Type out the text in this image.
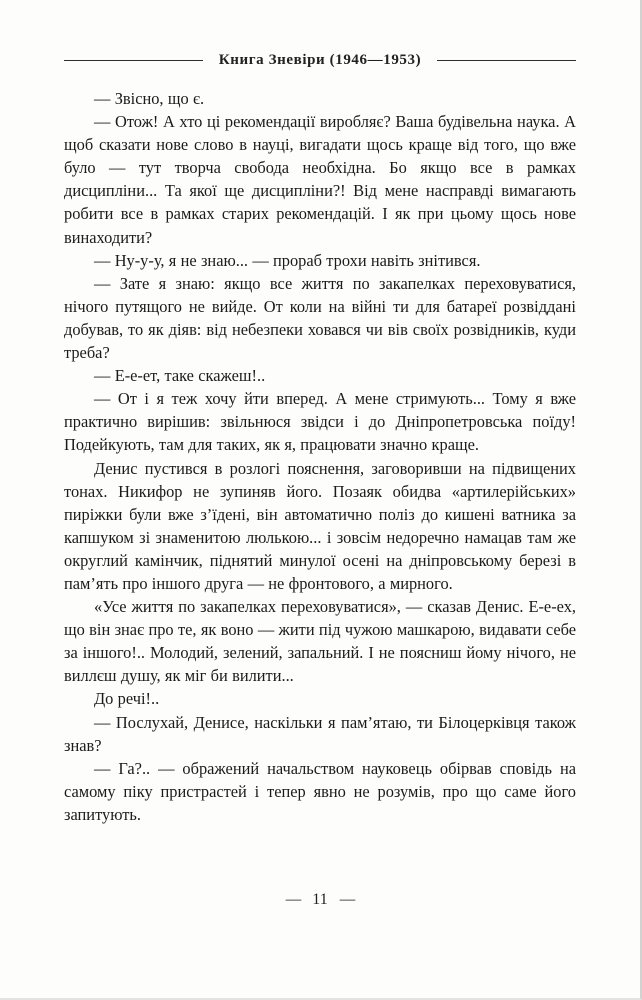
Книга Зневіри (1946—1953)

— Звісно, що є.

— Отож! А хто ці рекомендації виробляє? Ваша будівельна наука. А щоб сказати нове слово в науці, вигадати щось краще від того, що вже було — тут творча свобода необхідна. Бо якщо все в рамках дисципліни... Та якої ще дисципліни?! Від мене насправді вимагають робити все в рамках старих рекомендацій. І як при цьому щось нове винаходити?

— Ну-у-у, я не знаю... — прораб трохи навіть знітився.

— Зате я знаю: якщо все життя по закапелках переховуватися, нічого путящого не вийде. От коли на війні ти для батареї розвіддані добував, то як діяв: від небезпеки ховався чи вів своїх розвідників, куди треба?

— Е-е-ет, таке скажеш!..

— От і я теж хочу йти вперед. А мене стримують... Тому я вже практично вирішив: звільнюся звідси і до Дніпропетровська поїду! Подейкують, там для таких, як я, працювати значно краще.

Денис пустився в розлогі пояснення, заговоривши на підвищених тонах. Никифор не зупиняв його. Позаяк обидва «артилерійських» пиріжки були вже з’їдені, він автоматично поліз до кишені ватника за капшуком зі знаменитою люлькою... і зовсім недоречно намацав там же округлий камінчик, піднятий минулої осені на дніпровському березі в пам’ять про іншого друга — не фронтового, а мирного.

«Усе життя по закапелках переховуватися», — сказав Денис. Е-е-ех, що він знає про те, як воно — жити під чужою машкарою, видавати себе за іншого!.. Молодий, зелений, запальний. І не поясниш йому нічого, не виллєш душу, як міг би вилити...

До речі!..

— Послухай, Денисе, наскільки я пам’ятаю, ти Білоцерківця також знав?

— Га?.. — ображений начальством науковець обірвав сповідь на самому піку пристрастей і тепер явно не розумів, про що саме його запитують.

— 11 —
